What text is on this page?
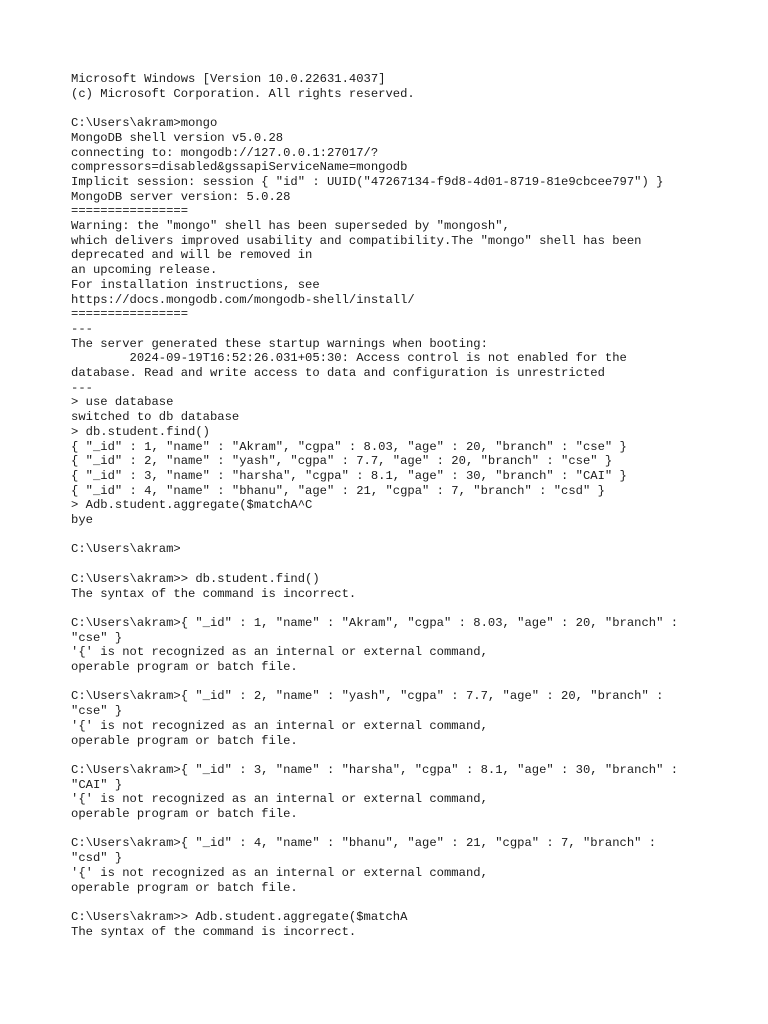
Microsoft Windows [Version 10.0.22631.4037]
(c) Microsoft Corporation. All rights reserved.
C:\Users\akram>mongo
MongoDB shell version v5.0.28
connecting to: mongodb://127.0.0.1:27017/?
compressors=disabled&gssapiServiceName=mongodb
Implicit session: session { "id" : UUID("47267134-f9d8-4d01-8719-81e9cbcee797") }
MongoDB server version: 5.0.28
================
Warning: the "mongo" shell has been superseded by "mongosh",
which delivers improved usability and compatibility.The "mongo" shell has been
deprecated and will be removed in
an upcoming release.
For installation instructions, see
https://docs.mongodb.com/mongodb-shell/install/
================
---
The server generated these startup warnings when booting:
2024-09-19T16:52:26.031+05:30: Access control is not enabled for the
database. Read and write access to data and configuration is unrestricted
---
> use database
switched to db database
> db.student.find()
{ "_id" : 1, "name" : "Akram", "cgpa" : 8.03, "age" : 20, "branch" : "cse" }
{ "_id" : 2, "name" : "yash", "cgpa" : 7.7, "age" : 20, "branch" : "cse" }
{ "_id" : 3, "name" : "harsha", "cgpa" : 8.1, "age" : 30, "branch" : "CAI" }
{ "_id" : 4, "name" : "bhanu", "age" : 21, "cgpa" : 7, "branch" : "csd" }
> Adb.student.aggregate($matchA^C
bye
C:\Users\akram>
C:\Users\akram>> db.student.find()
The syntax of the command is incorrect.
C:\Users\akram>{ "_id" : 1, "name" : "Akram", "cgpa" : 8.03, "age" : 20, "branch" :
"cse" }
'{' is not recognized as an internal or external command,
operable program or batch file.
C:\Users\akram>{ "_id" : 2, "name" : "yash", "cgpa" : 7.7, "age" : 20, "branch" :
"cse" }
'{' is not recognized as an internal or external command,
operable program or batch file.
C:\Users\akram>{ "_id" : 3, "name" : "harsha", "cgpa" : 8.1, "age" : 30, "branch" :
"CAI" }
'{' is not recognized as an internal or external command,
operable program or batch file.
C:\Users\akram>{ "_id" : 4, "name" : "bhanu", "age" : 21, "cgpa" : 7, "branch" :
"csd" }
'{' is not recognized as an internal or external command,
operable program or batch file.
C:\Users\akram>> Adb.student.aggregate($matchA
The syntax of the command is incorrect.
